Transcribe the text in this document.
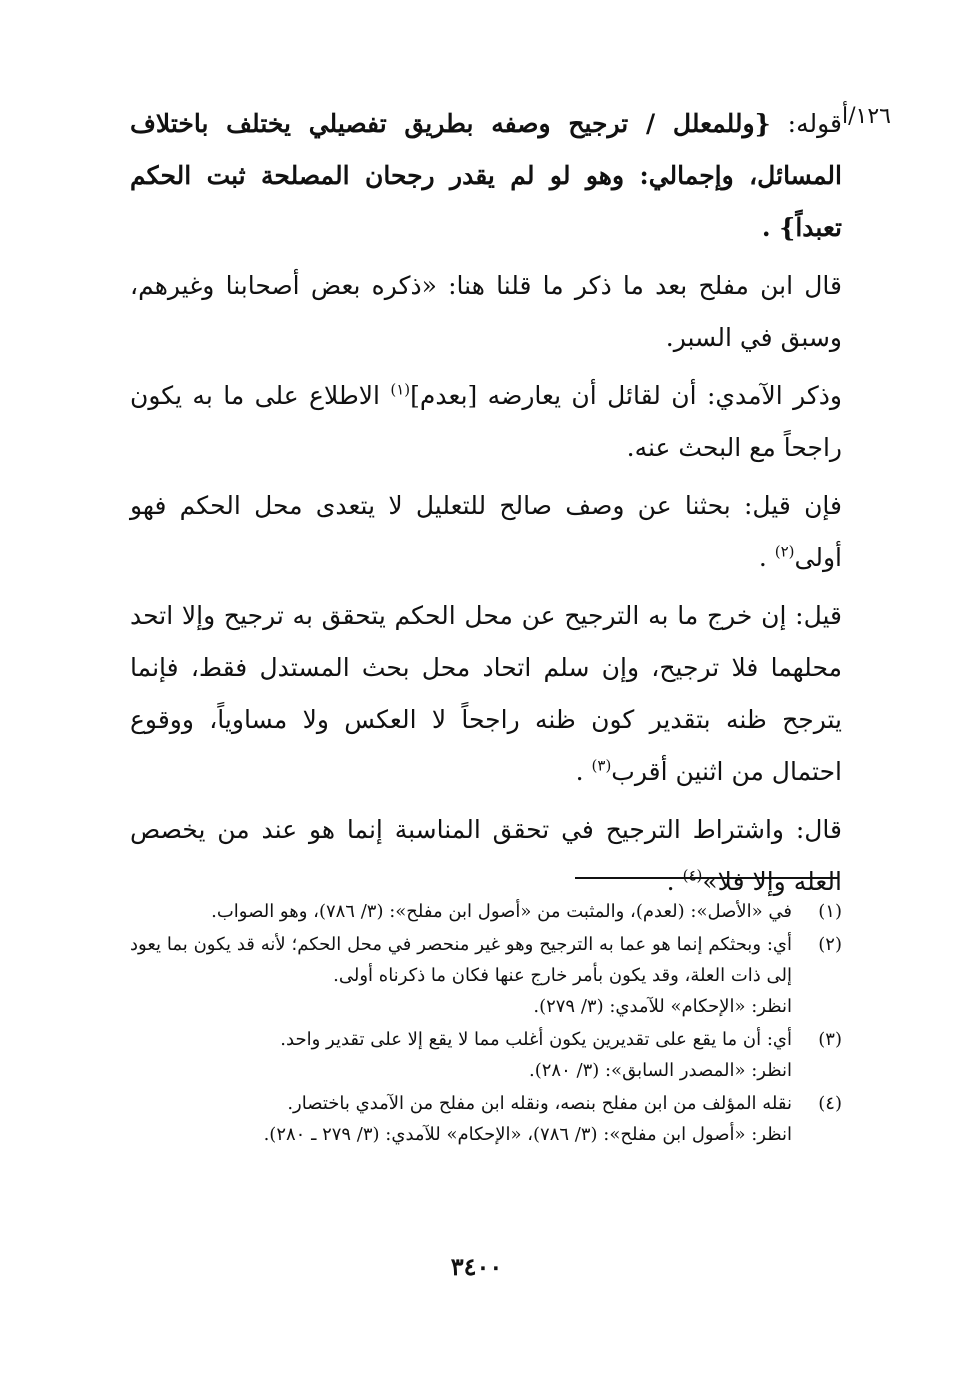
١٢٦/أ

قوله: {وللمعلل / ترجيح وصفه بطريق تفصيلي يختلف باختلاف المسائل، وإجمالي: وهو لو لم يقدر رجحان المصلحة ثبت الحكم تعبداً} .

قال ابن مفلح بعد ما ذكر ما قلنا هنا: «ذكره بعض أصحابنا وغيرهم، وسبق في السبر.

وذكر الآمدي: أن لقائل أن يعارضه [بعدم]$^{(١)}$ الاطلاع على ما به يكون راجحاً مع البحث عنه.

فإن قيل: بحثنا عن وصف صالح للتعليل لا يتعدى محل الحكم فهو أولى$^{(٢)}$ .

قيل: إن خرج ما به الترجيح عن محل الحكم يتحقق به ترجيح وإلا اتحد محلهما فلا ترجيح، وإن سلم اتحاد محل بحث المستدل فقط، فإنما يترجح ظنه بتقدير كون ظنه راجحاً لا العكس ولا مساوياً، ووقوع احتمال من اثنين أقرب$^{(٣)}$ .

قال: واشتراط الترجيح في تحقق المناسبة إنما هو عند من يخصص العلة وإلا فلا»$^{(٤)}$ .

(١)
في «الأصل»: (لعدم)، والمثبت من «أصول ابن مفلح»: (٣/ ٧٨٦)، وهو الصواب.
(٢)
أي: وبحثكم إنما هو عما به الترجيح وهو غير منحصر في محل الحكم؛ لأنه قد يكون بما يعود إلى ذات العلة، وقد يكون بأمر خارج عنها فكان ما ذكرناه أولى.
انظر: «الإحكام» للآمدي: (٣/ ٢٧٩).
(٣)
أي: أن ما يقع على تقديرين يكون أغلب مما لا يقع إلا على تقدير واحد.
انظر: «المصدر السابق»: (٣/ ٢٨٠).
(٤)
نقله المؤلف من ابن مفلح بنصه، ونقله ابن مفلح من الآمدي باختصار.
انظر: «أصول ابن مفلح»: (٣/ ٧٨٦)، «الإحكام» للآمدي: (٣/ ٢٧٩ ـ ٢٨٠).
٣٤٠٠
